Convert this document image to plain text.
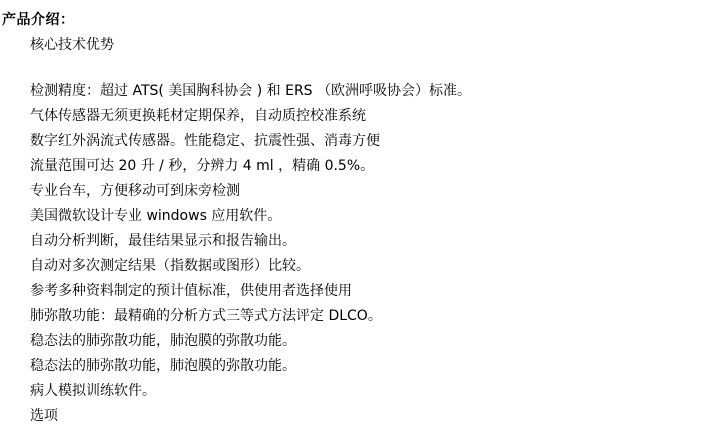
产品介绍：

核心技术优势

检测精度：超过 ATS( 美国胸科协会 ) 和 ERS （欧洲呼吸协会）标准。

气体传感器无须更换耗材定期保养，自动质控校准系统

数字红外涡流式传感器。性能稳定、抗震性强、消毒方便

流量范围可达 20 升 / 秒，分辨力 4 ml ，精确 0.5%。

专业台车，方便移动可到床旁检测

美国微软设计专业 windows 应用软件。

自动分析判断，最佳结果显示和报告输出。

自动对多次测定结果（指数据或图形）比较。

参考多种资料制定的预计值标准，供使用者选择使用

肺弥散功能：最精确的分析方式三等式方法评定 DLCO。

稳态法的肺弥散功能，肺泡膜的弥散功能。

稳态法的肺弥散功能，肺泡膜的弥散功能。

病人模拟训练软件。

选项
